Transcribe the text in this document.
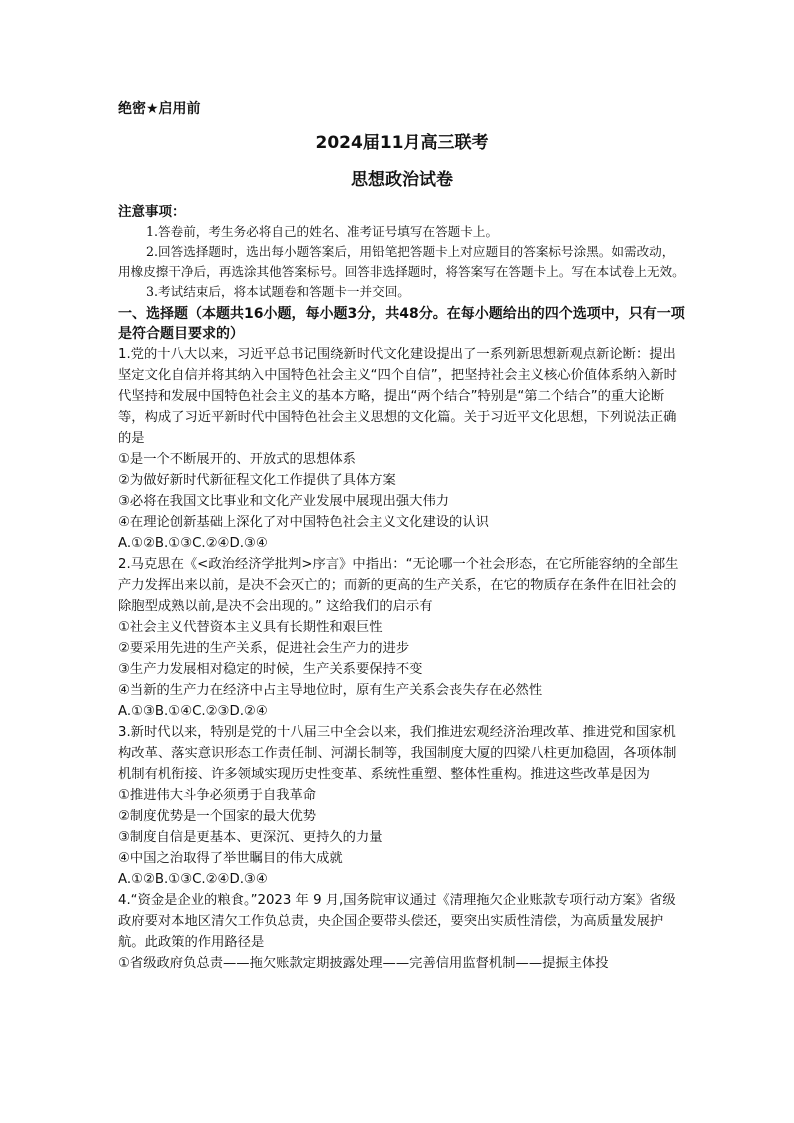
绝密★启用前
2024届11月高三联考
思想政治试卷
注意事项：

1.答卷前，考生务必将自己的姓名、准考证号填写在答题卡上。

2.回答选择题时，选出每小题答案后，用铅笔把答题卡上对应题目的答案标号涂黑。如需改动，用橡皮擦干净后，再选涂其他答案标号。回答非选择题时，将答案写在答题卡上。写在本试卷上无效。

3.考试结束后，将本试题卷和答题卡一并交回。

一、选择题（本题共16小题，每小题3分，共48分。在每小题给出的四个选项中，只有一项是符合题目要求的）

1.党的十八大以来，习近平总书记围绕新时代文化建设提出了一系列新思想新观点新论断：提出坚定文化自信并将其纳入中国特色社会主义“四个自信”，把坚持社会主义核心价值体系纳入新时代坚持和发展中国特色社会主义的基本方略，提出“两个结合”特别是“第二个结合”的重大论断等，构成了习近平新时代中国特色社会主义思想的文化篇。关于习近平文化思想，下列说法正确的是

①是一个不断展开的、开放式的思想体系

②为做好新时代新征程文化工作提供了具体方案

③必将在我国文比事业和文化产业发展中展现出强大伟力

④在理论创新基础上深化了对中国特色社会主义文化建设的认识

A.①②B.①③C.②④D.③④

2.马克思在《<政治经济学批判>序言》中指出：“无论哪一个社会形态，在它所能容纳的全部生产力发挥出来以前，是决不会灭亡的；而新的更高的生产关系，在它的物质存在条件在旧社会的除胞型成熟以前,是决不会出现的。” 这给我们的启示有

①社会主义代替资本主义具有长期性和艰巨性

②要采用先进的生产关系，促进社会生产力的进步

③生产力发展相对稳定的时候，生产关系要保持不变

④当新的生产力在经济中占主导地位时，原有生产关系会丧失存在必然性

A.①③B.①④C.②③D.②④

3.新时代以来，特别是党的十八届三中全会以来，我们推进宏观经济治理改革、推进党和国家机构改革、落实意识形态工作责任制、河湖长制等，我国制度大厦的四梁八柱更加稳固，各项体制机制有机衔接、许多领域实现历史性变革、系统性重塑、整体性重构。推进这些改革是因为

①推进伟大斗争必须勇于自我革命

②制度优势是一个国家的最大优势

③制度自信是更基本、更深沉、更持久的力量

④中国之治取得了举世瞩目的伟大成就

A.①②B.①③C.②④D.③④

4.“资金是企业的粮食。”2023 年 9 月,国务院审议通过《清理拖欠企业账款专项行动方案》省级政府要对本地区清欠工作负总责，央企国企要带头偿还，要突出实质性清偿，为高质量发展护航。此政策的作用路径是

①省级政府负总责——拖欠账款定期披露处理——完善信用监督机制——提振主体投
